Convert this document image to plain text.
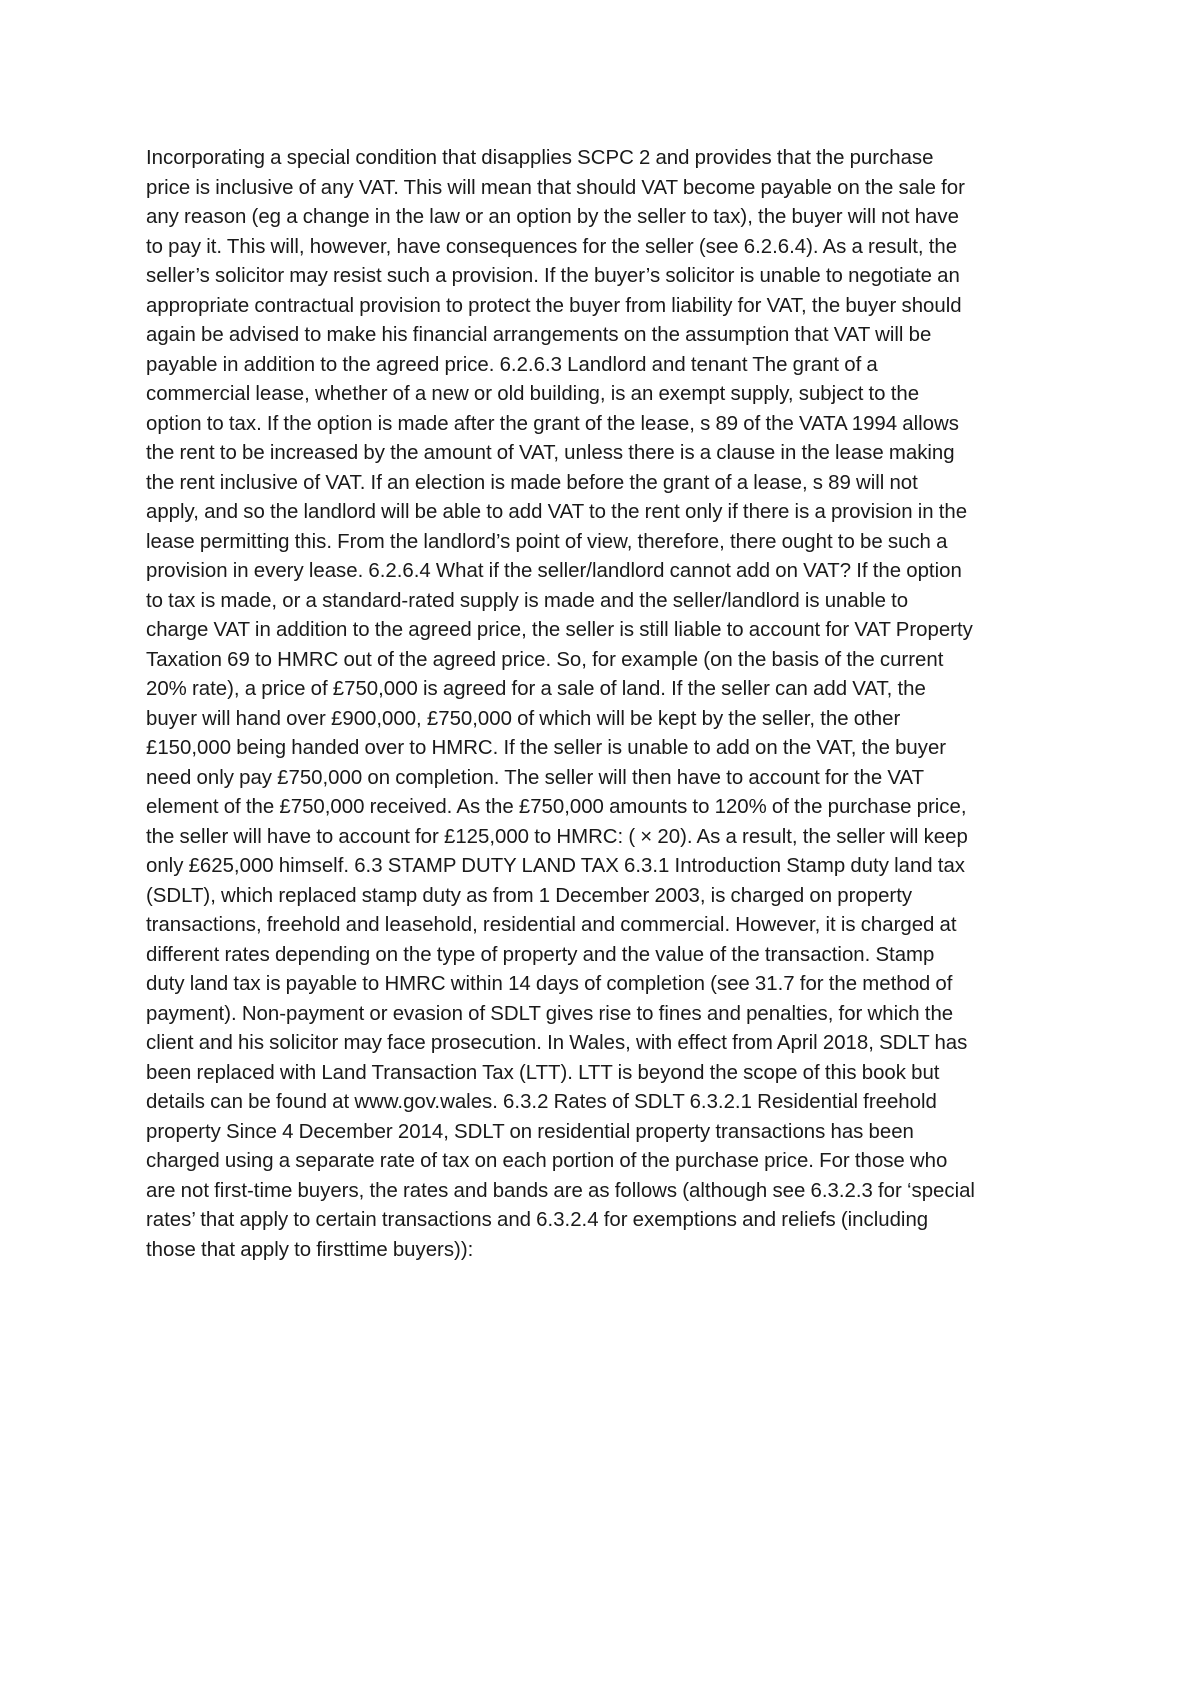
Incorporating a special condition that disapplies SCPC 2 and provides that the purchase
price is inclusive of any VAT. This will mean that should VAT become payable on the sale for
any reason (eg a change in the law or an option by the seller to tax), the buyer will not have
to pay it. This will, however, have consequences for the seller (see 6.2.6.4). As a result, the
seller’s solicitor may resist such a provision. If the buyer’s solicitor is unable to negotiate an
appropriate contractual provision to protect the buyer from liability for VAT, the buyer should
again be advised to make his financial arrangements on the assumption that VAT will be
payable in addition to the agreed price. 6.2.6.3 Landlord and tenant The grant of a
commercial lease, whether of a new or old building, is an exempt supply, subject to the
option to tax. If the option is made after the grant of the lease, s 89 of the VATA 1994 allows
the rent to be increased by the amount of VAT, unless there is a clause in the lease making
the rent inclusive of VAT. If an election is made before the grant of a lease, s 89 will not
apply, and so the landlord will be able to add VAT to the rent only if there is a provision in the
lease permitting this. From the landlord’s point of view, therefore, there ought to be such a
provision in every lease. 6.2.6.4 What if the seller/landlord cannot add on VAT? If the option
to tax is made, or a standard-rated supply is made and the seller/landlord is unable to
charge VAT in addition to the agreed price, the seller is still liable to account for VAT Property
Taxation 69 to HMRC out of the agreed price. So, for example (on the basis of the current
20% rate), a price of £750,000 is agreed for a sale of land. If the seller can add VAT, the
buyer will hand over £900,000, £750,000 of which will be kept by the seller, the other
£150,000 being handed over to HMRC. If the seller is unable to add on the VAT, the buyer
need only pay £750,000 on completion. The seller will then have to account for the VAT
element of the £750,000 received. As the £750,000 amounts to 120% of the purchase price,
the seller will have to account for £125,000 to HMRC: ( × 20). As a result, the seller will keep
only £625,000 himself. 6.3 STAMP DUTY LAND TAX 6.3.1 Introduction Stamp duty land tax
(SDLT), which replaced stamp duty as from 1 December 2003, is charged on property
transactions, freehold and leasehold, residential and commercial. However, it is charged at
different rates depending on the type of property and the value of the transaction. Stamp
duty land tax is payable to HMRC within 14 days of completion (see 31.7 for the method of
payment). Non-payment or evasion of SDLT gives rise to fines and penalties, for which the
client and his solicitor may face prosecution. In Wales, with effect from April 2018, SDLT has
been replaced with Land Transaction Tax (LTT). LTT is beyond the scope of this book but
details can be found at www.gov.wales. 6.3.2 Rates of SDLT 6.3.2.1 Residential freehold
property Since 4 December 2014, SDLT on residential property transactions has been
charged using a separate rate of tax on each portion of the purchase price. For those who
are not first-time buyers, the rates and bands are as follows (although see 6.3.2.3 for ‘special
rates’ that apply to certain transactions and 6.3.2.4 for exemptions and reliefs (including
those that apply to firsttime buyers)):
